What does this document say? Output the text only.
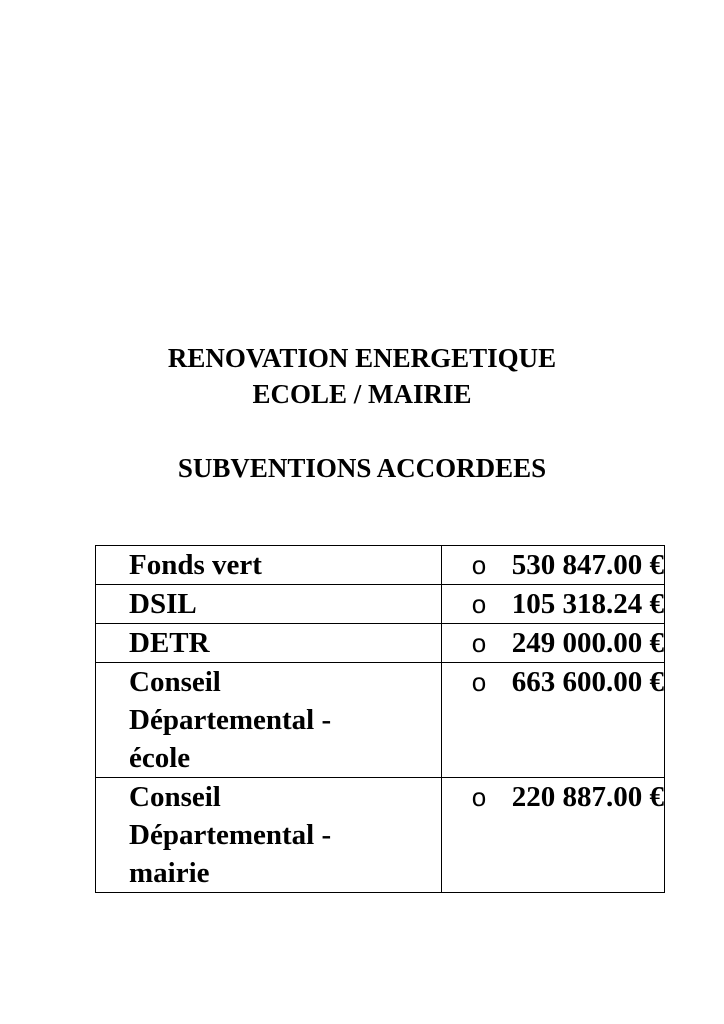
RENOVATION ENERGETIQUE
ECOLE / MAIRIE
SUBVENTIONS ACCORDEES
Fonds vert	o 530 847.00 €

DSIL	o 105 318.24 €

DETR	o 249 000.00 €

Conseil
Départemental -
école	o 663 600.00 €

Conseil
Départemental -
mairie	o 220 887.00 €
